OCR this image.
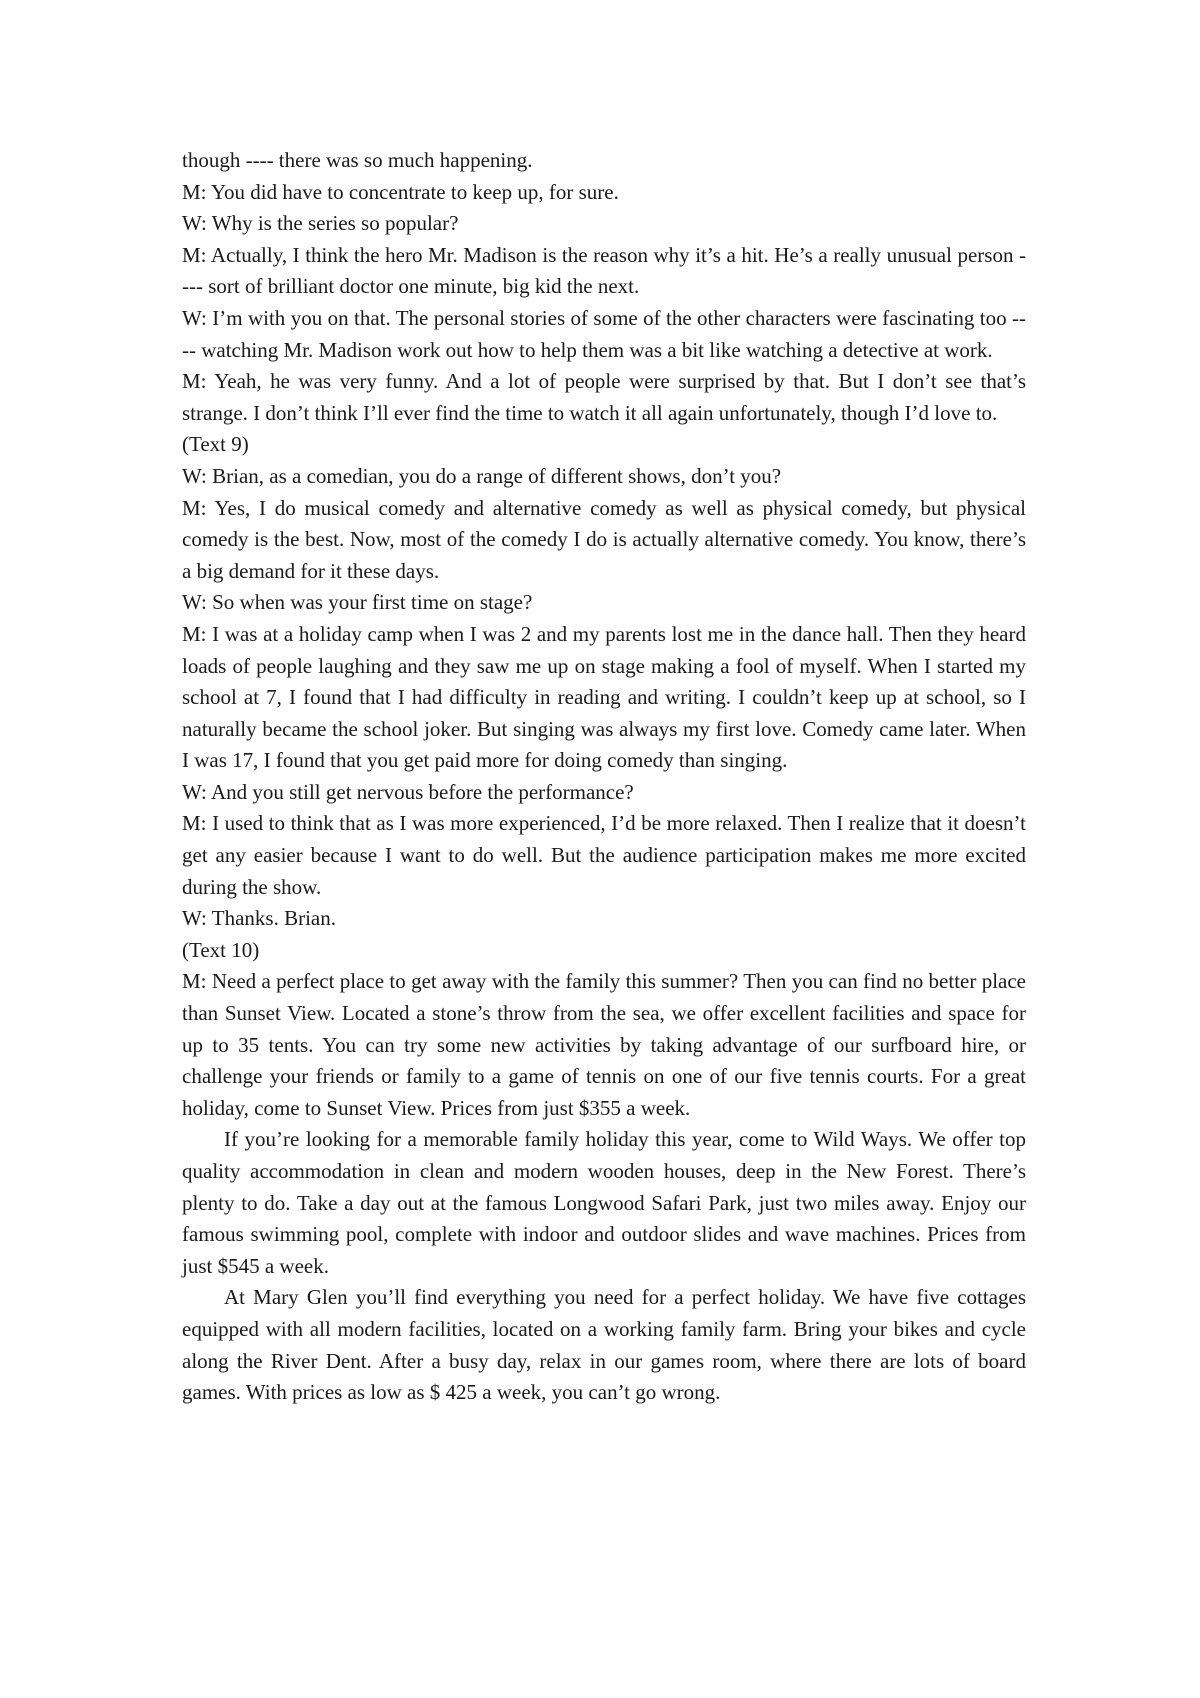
though ---- there was so much happening.

M: You did have to concentrate to keep up, for sure.

W: Why is the series so popular?

M: Actually, I think the hero Mr. Madison is the reason why it’s a hit. He’s a really unusual person ---- sort of brilliant doctor one minute, big kid the next.

W: I’m with you on that. The personal stories of some of the other characters were fascinating too ---- watching Mr. Madison work out how to help them was a bit like watching a detective at work.

M: Yeah, he was very funny. And a lot of people were surprised by that. But I don’t see that’s strange. I don’t think I’ll ever find the time to watch it all again unfortunately, though I’d love to.

(Text 9)

W: Brian, as a comedian, you do a range of different shows, don’t you?

M: Yes, I do musical comedy and alternative comedy as well as physical comedy, but physical comedy is the best. Now, most of the comedy I do is actually alternative comedy. You know, there’s a big demand for it these days.

W: So when was your first time on stage?

M: I was at a holiday camp when I was 2 and my parents lost me in the dance hall. Then they heard loads of people laughing and they saw me up on stage making a fool of myself. When I started my school at 7, I found that I had difficulty in reading and writing. I couldn’t keep up at school, so I naturally became the school joker. But singing was always my first love. Comedy came later. When I was 17, I found that you get paid more for doing comedy than singing.

W: And you still get nervous before the performance?

M: I used to think that as I was more experienced, I’d be more relaxed. Then I realize that it doesn’t get any easier because I want to do well. But the audience participation makes me more excited during the show.

W: Thanks. Brian.

(Text 10)

M: Need a perfect place to get away with the family this summer? Then you can find no better place than Sunset View. Located a stone’s throw from the sea, we offer excellent facilities and space for up to 35 tents. You can try some new activities by taking advantage of our surfboard hire, or challenge your friends or family to a game of tennis on one of our five tennis courts. For a great holiday, come to Sunset View. Prices from just $355 a week.

If you’re looking for a memorable family holiday this year, come to Wild Ways. We offer top quality accommodation in clean and modern wooden houses, deep in the New Forest. There’s plenty to do. Take a day out at the famous Longwood Safari Park, just two miles away. Enjoy our famous swimming pool, complete with indoor and outdoor slides and wave machines. Prices from just $545 a week.

At Mary Glen you’ll find everything you need for a perfect holiday. We have five cottages equipped with all modern facilities, located on a working family farm. Bring your bikes and cycle along the River Dent. After a busy day, relax in our games room, where there are lots of board games. With prices as low as $ 425 a week, you can’t go wrong.
